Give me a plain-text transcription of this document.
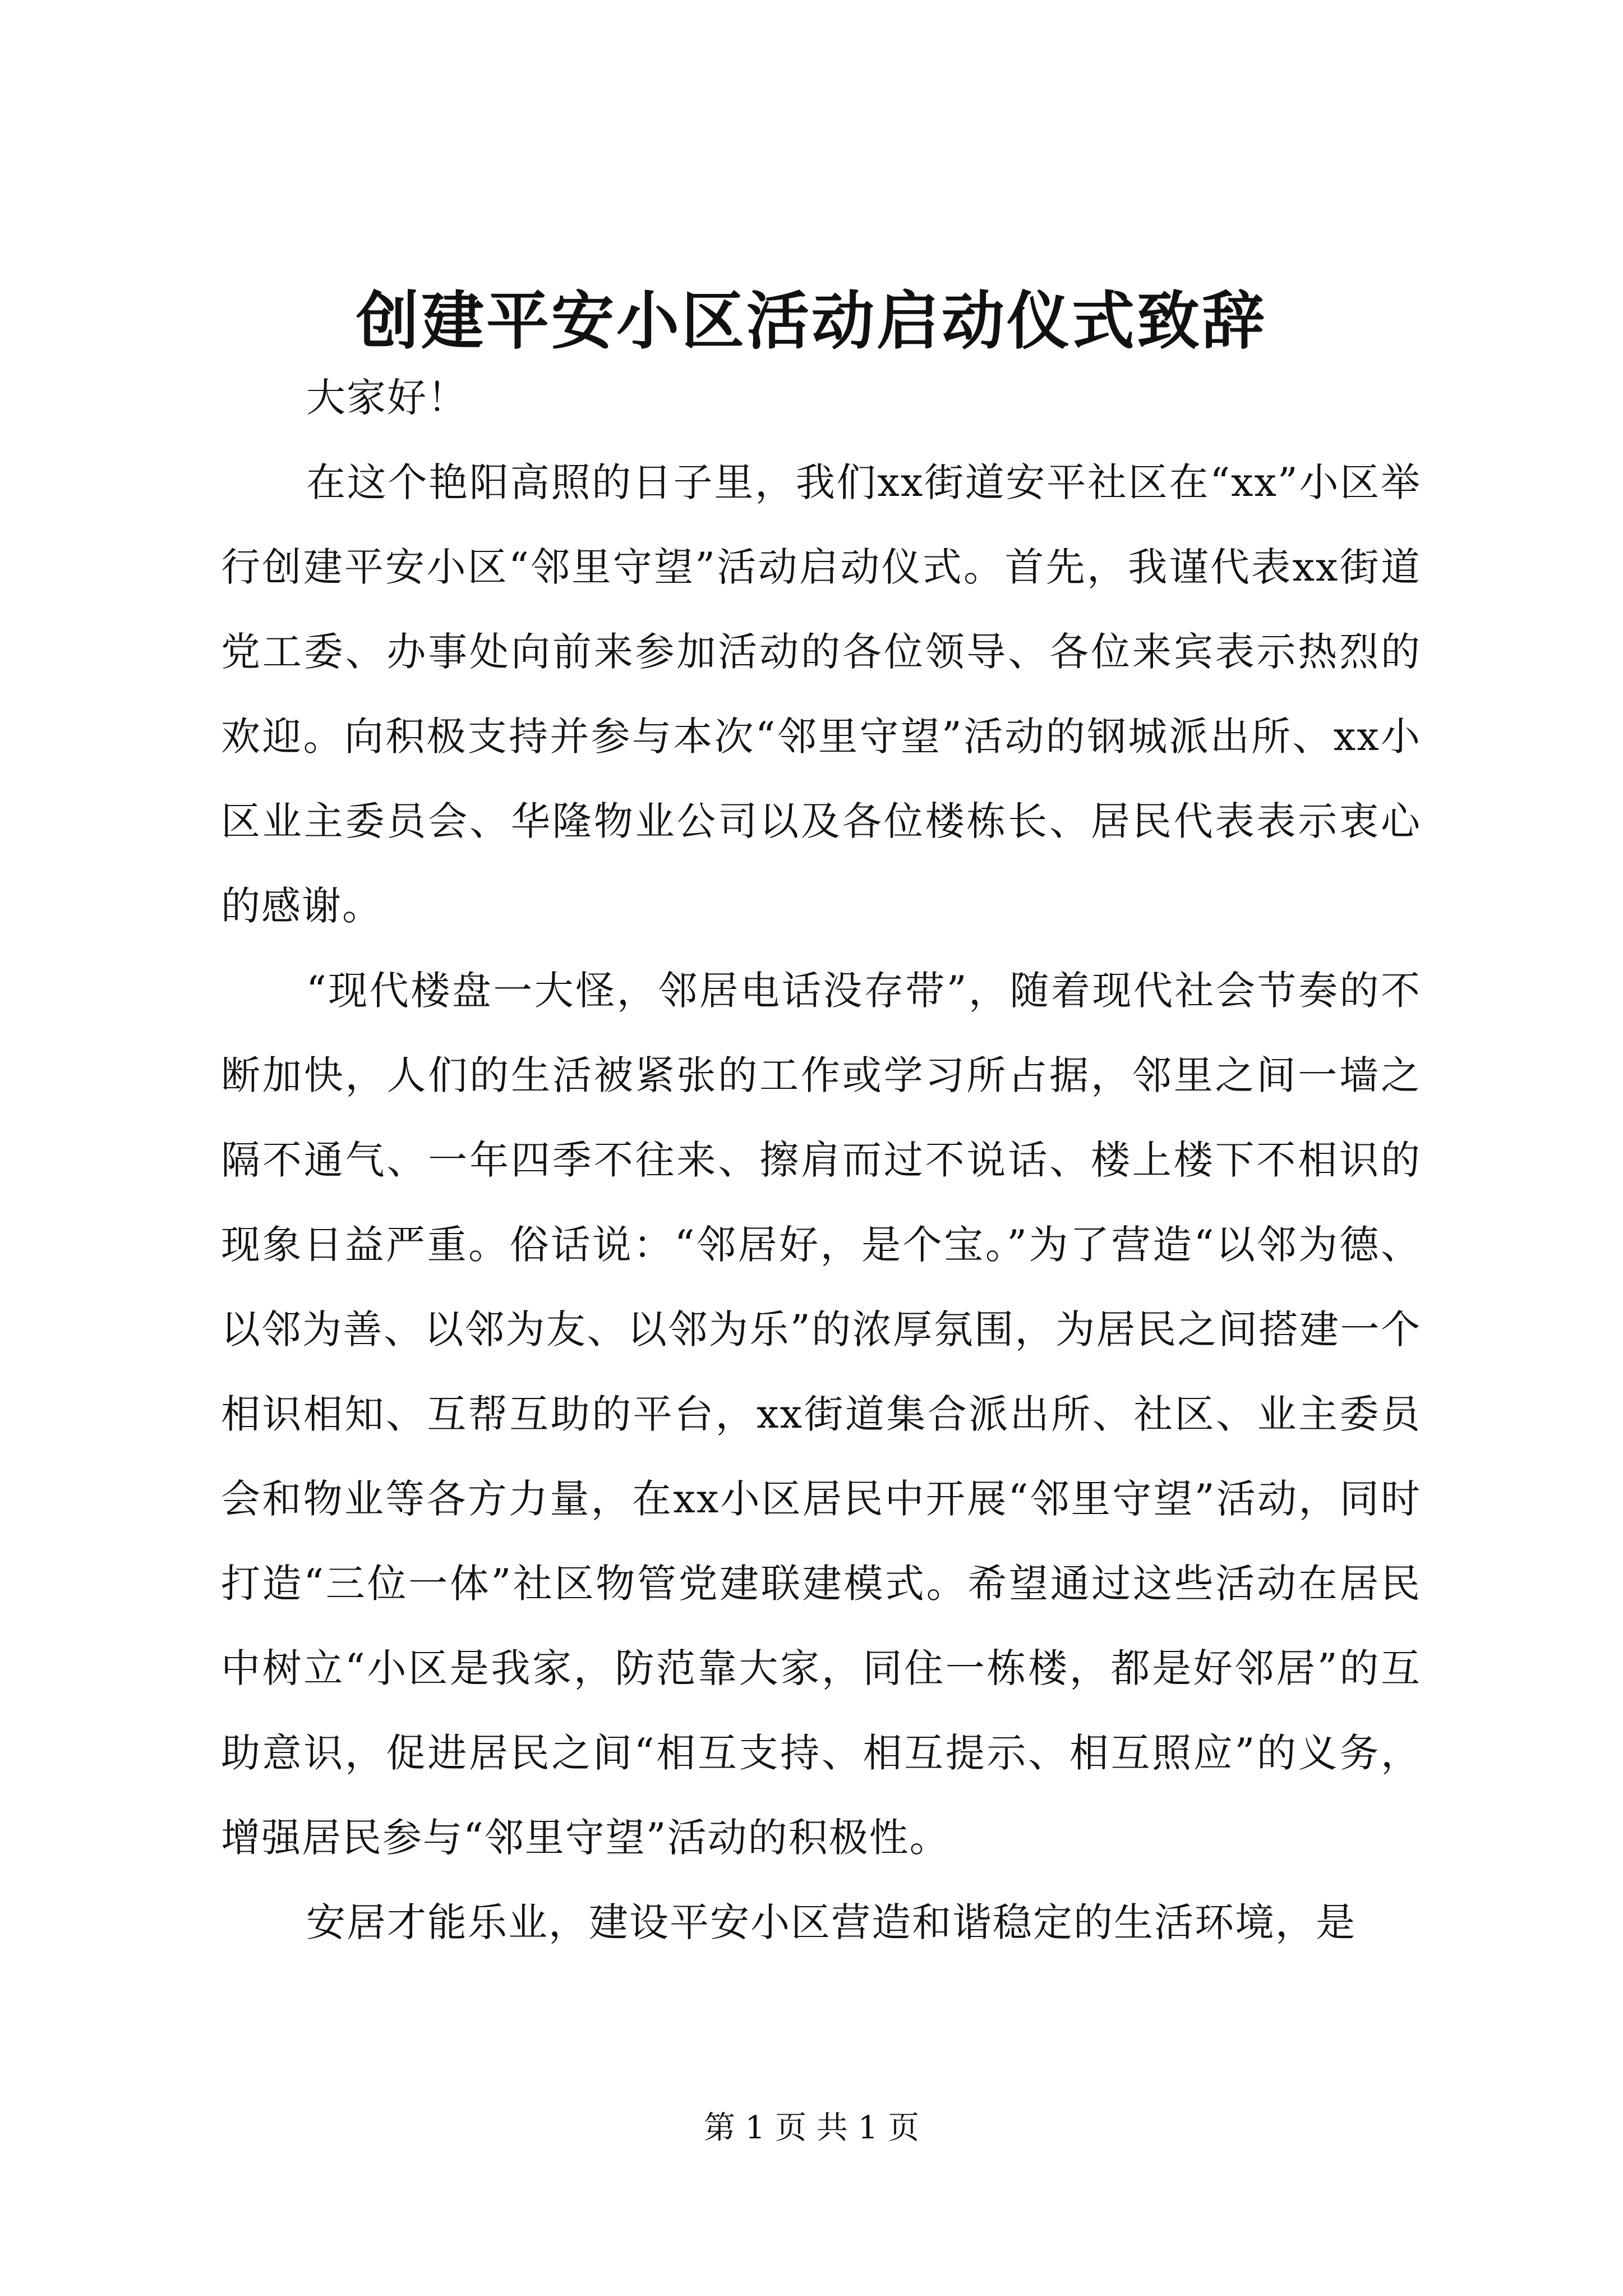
创建平安小区活动启动仪式致辞

大家好！

在这个艳阳高照的日子里，我们xx街道安平社区在“xx”小区举行创建平安小区“邻里守望”活动启动仪式。首先，我谨代表xx街道党工委、办事处向前来参加活动的各位领导、各位来宾表示热烈的欢迎。向积极支持并参与本次“邻里守望”活动的钢城派出所、xx小区业主委员会、华隆物业公司以及各位楼栋长、居民代表表示衷心的感谢。

“现代楼盘一大怪，邻居电话没存带”，随着现代社会节奏的不断加快，人们的生活被紧张的工作或学习所占据，邻里之间一墙之隔不通气、一年四季不往来、擦肩而过不说话、楼上楼下不相识的现象日益严重。俗话说：“邻居好，是个宝。”为了营造“以邻为德、以邻为善、以邻为友、以邻为乐”的浓厚氛围，为居民之间搭建一个相识相知、互帮互助的平台，xx街道集合派出所、社区、业主委员会和物业等各方力量，在xx小区居民中开展“邻里守望”活动，同时打造“三位一体”社区物管党建联建模式。希望通过这些活动在居民中树立“小区是我家，防范靠大家，同住一栋楼，都是好邻居”的互助意识，促进居民之间“相互支持、相互提示、相互照应”的义务，增强居民参与“邻里守望”活动的积极性。

安居才能乐业，建设平安小区营造和谐稳定的生活环境，是

第 1 页 共 1 页
